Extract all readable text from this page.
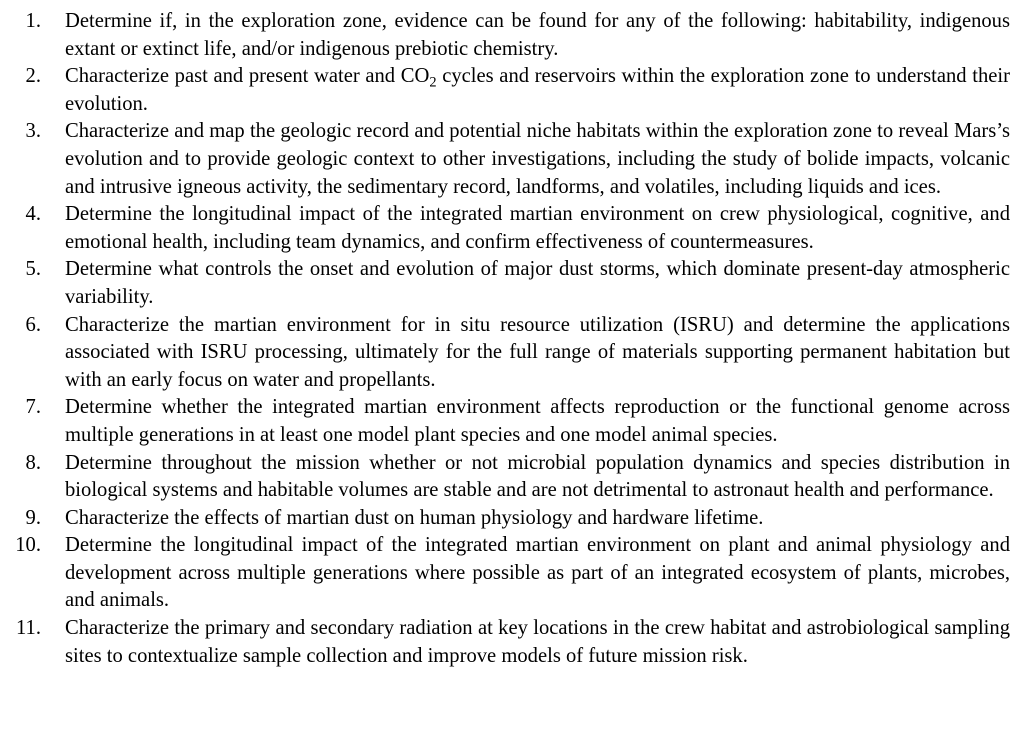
1. Determine if, in the exploration zone, evidence can be found for any of the following: habitability, indigenous extant or extinct life, and/or indigenous prebiotic chemistry.
2. Characterize past and present water and $CO_2$ cycles and reservoirs within the exploration zone to understand their evolution.
3. Characterize and map the geologic record and potential niche habitats within the exploration zone to reveal Mars’s evolution and to provide geologic context to other investigations, including the study of bolide impacts, volcanic and intrusive igneous activity, the sedimentary record, landforms, and volatiles, including liquids and ices.
4. Determine the longitudinal impact of the integrated martian environment on crew physiological, cognitive, and emotional health, including team dynamics, and confirm effectiveness of countermeasures.
5. Determine what controls the onset and evolution of major dust storms, which dominate present-day atmospheric variability.
6. Characterize the martian environment for in situ resource utilization (ISRU) and determine the applications associated with ISRU processing, ultimately for the full range of materials supporting permanent habitation but with an early focus on water and propellants.
7. Determine whether the integrated martian environment affects reproduction or the functional genome across multiple generations in at least one model plant species and one model animal species.
8. Determine throughout the mission whether or not microbial population dynamics and species distribution in biological systems and habitable volumes are stable and are not detrimental to astronaut health and performance.
9. Characterize the effects of martian dust on human physiology and hardware lifetime.
10. Determine the longitudinal impact of the integrated martian environment on plant and animal physiology and development across multiple generations where possible as part of an integrated ecosystem of plants, microbes, and animals.
11. Characterize the primary and secondary radiation at key locations in the crew habitat and astrobiological sampling sites to contextualize sample collection and improve models of future mission risk.
